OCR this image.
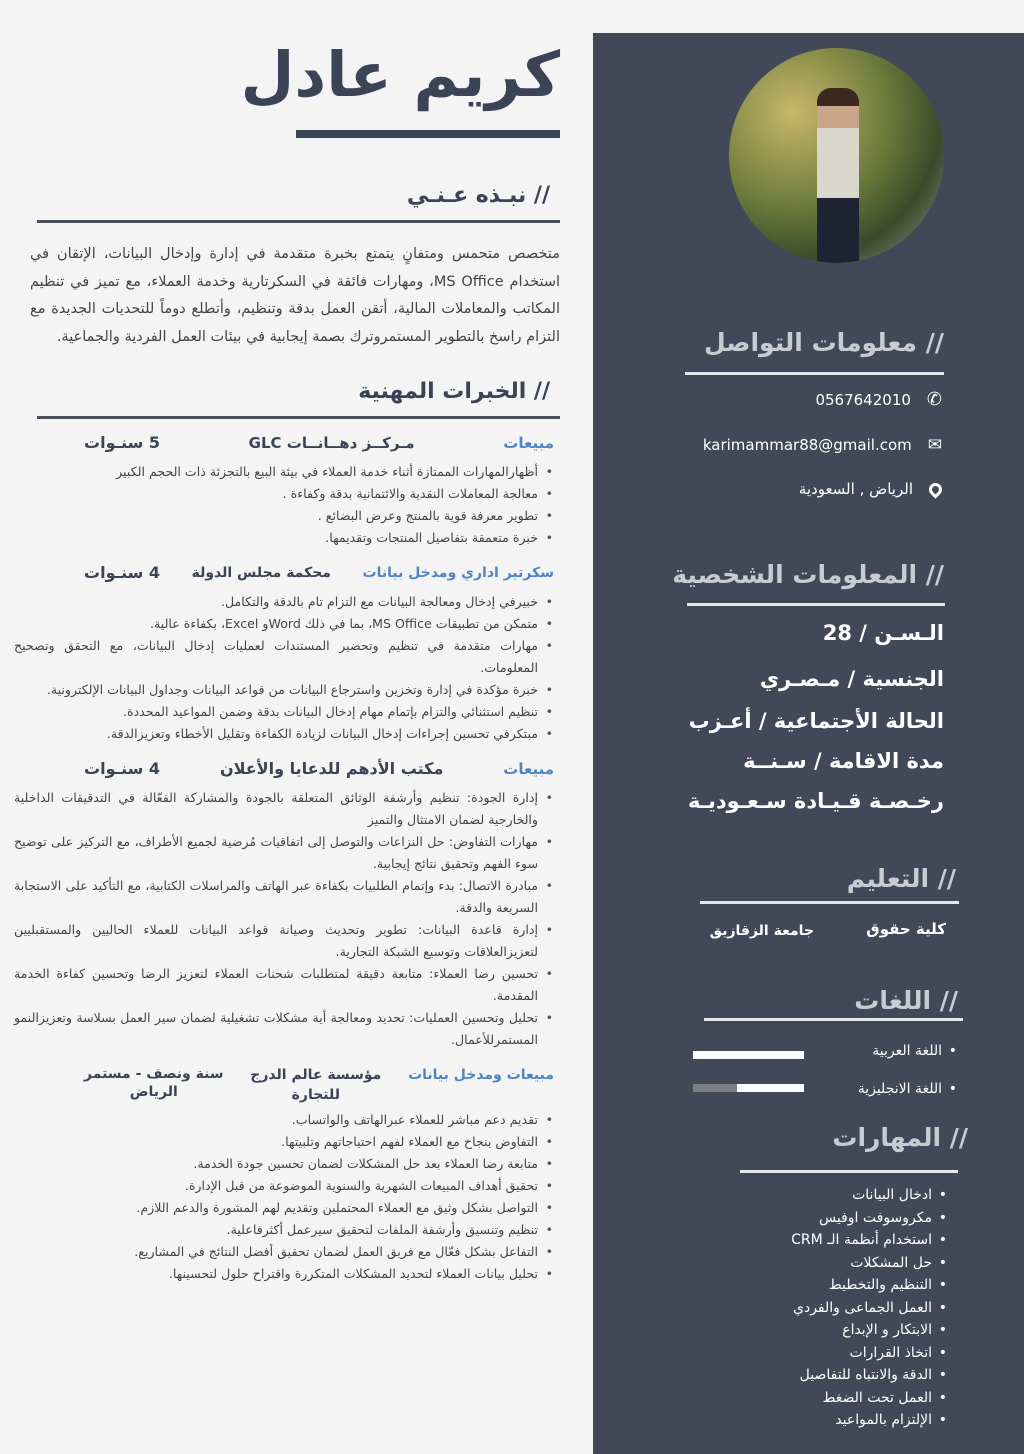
كريم عادل
// نبـذه عـنـي
متخصص متحمس ومتفانٍ يتمتع بخبرة متقدمة في إدارة وإدخال البيانات، الإتقان في استخدام MS Office، ومهارات فائقة في السكرتارية وخدمة العملاء، مع تميز في تنظيم المكاتب والمعاملات المالية، أتقن العمل بدقة وتنظيم، وأتطلع دوماً للتحديات الجديدة مع التزام راسخ بالتطوير المستمروترك بصمة إيجابية في بيئات العمل الفردية والجماعية.
// الخبرات المهنية
مبيعات
مـركــز دهــانــات GLC
5 سنـوات
• أظهارالمهارات الممتازة أثناء خدمة العملاء في بيئة البيع بالتجزئة ذات الحجم الكبير
• معالجة المعاملات النقدية والائتمانية بدقة وكفاءة .
• تطوير معرفة قوية بالمنتج وعرض البضائع .
• خبرة متعمقة بتفاصيل المنتجات وتقديمها.
سكرتير اداري ومدخل بيانات
محكمة مجلس الدولة
4 سنـوات
• خبيرفي إدخال ومعالجة البيانات مع التزام تام بالدقة والتكامل.
• متمكن من تطبيقات MS Office، بما في ذلك Wordو Excel، بكفاءة عالية.
• مهارات متقدمة في تنظيم وتحضير المستندات لعمليات إدخال البيانات، مع التحقق وتصحيح المعلومات.
• خبرة مؤكدة في إدارة وتخزين واسترجاع البيانات من قواعد البيانات وجداول البيانات الإلكترونية.
• تنظيم استثنائي والتزام بإتمام مهام إدخال البيانات بدقة وضمن المواعيد المحددة.
• مبتكرفي تحسين إجراءات إدخال البيانات لزيادة الكفاءة وتقليل الأخطاء وتعزيزالدقة.
مبيعات
مكتب الأدهم للدعايا والأعلان
4 سنـوات
• إدارة الجودة: تنظيم وأرشفة الوثائق المتعلقة بالجودة والمشاركة الفعّالة في التدقيقات الداخلية والخارجية لضمان الامتثال والتميز
• مهارات التفاوض: حل النزاعات والتوصل إلى اتفاقيات مُرضية لجميع الأطراف، مع التركيز على توضيح سوء الفهم وتحقيق نتائج إيجابية.
• مبادرة الاتصال: بدء وإتمام الطلبيات بكفاءة عبر الهاتف والمراسلات الكتابية، مع التأكيد على الاستجابة السريعة والدقة.
• إدارة قاعدة البيانات: تطوير وتحديث وصيانة قواعد البيانات للعملاء الحاليين والمستقبليين لتعزيزالعلاقات وتوسيع الشبكة التجارية.
• تحسين رضا العملاء: متابعة دقيقة لمتطلبات شحنات العملاء لتعزيز الرضا وتحسين كفاءة الخدمة المقدمة.
• تحليل وتحسين العمليات: تحديد ومعالجة أية مشكلات تشغيلية لضمان سير العمل بسلاسة وتعزيزالنمو المستمرللأعمال.
مبيعات ومدخل بيانات
مؤسسة عالم الدرج للتجارة
سنة ونصف - مستمر
الرياض
• تقديم دعم مباشر للعملاء عبرالهاتف والواتساب.
• التفاوض بنجاح مع العملاء لفهم احتياجاتهم وتلبيتها.
• متابعة رضا العملاء بعد حل المشكلات لضمان تحسين جودة الخدمة.
• تحقيق أهداف المبيعات الشهرية والسنوية الموضوعة من قبل الإدارة.
• التواصل بشكل وثيق مع العملاء المحتملين وتقديم لهم المشورة والدعم اللازم.
• تنظيم وتنسيق وأرشفة الملفات لتحقيق سيرعمل أكثرفاعلية.
• التفاعل بشكل فعّال مع فريق العمل لضمان تحقيق أفضل النتائج في المشاريع.
• تحليل بيانات العملاء لتحديد المشكلات المتكررة واقتراح حلول لتحسينها.
// معلومات التواصل
✆
0567642010
✉
karimammar88@gmail.com
الرياض , السعودية
// المعلومات الشخصية
الـسـن / 28
الجنسية / مـصـري
الحالة الأجتماعية / أعـزب
مدة الاقامة / سـنــة
رخـصـة قـيـادة سـعـوديـة
// التعليم
كلية حقوق
جامعة الزقازيق
// اللغات
• اللغة العربية
• اللغة الانجليزية
// المهارات
• ادخال البيانات
• مكروسوفت اوفيس
• استخدام أنظمة الـ CRM
• حل المشكلات
• التنظيم والتخطيط
• العمل الجماعى والفردي
• الابتكار و الإبداع
• اتخاذ القرارات
• الدقة والانتباه للتفاصيل
• العمل تحت الضغط
• الإلتزام بالمواعيد
